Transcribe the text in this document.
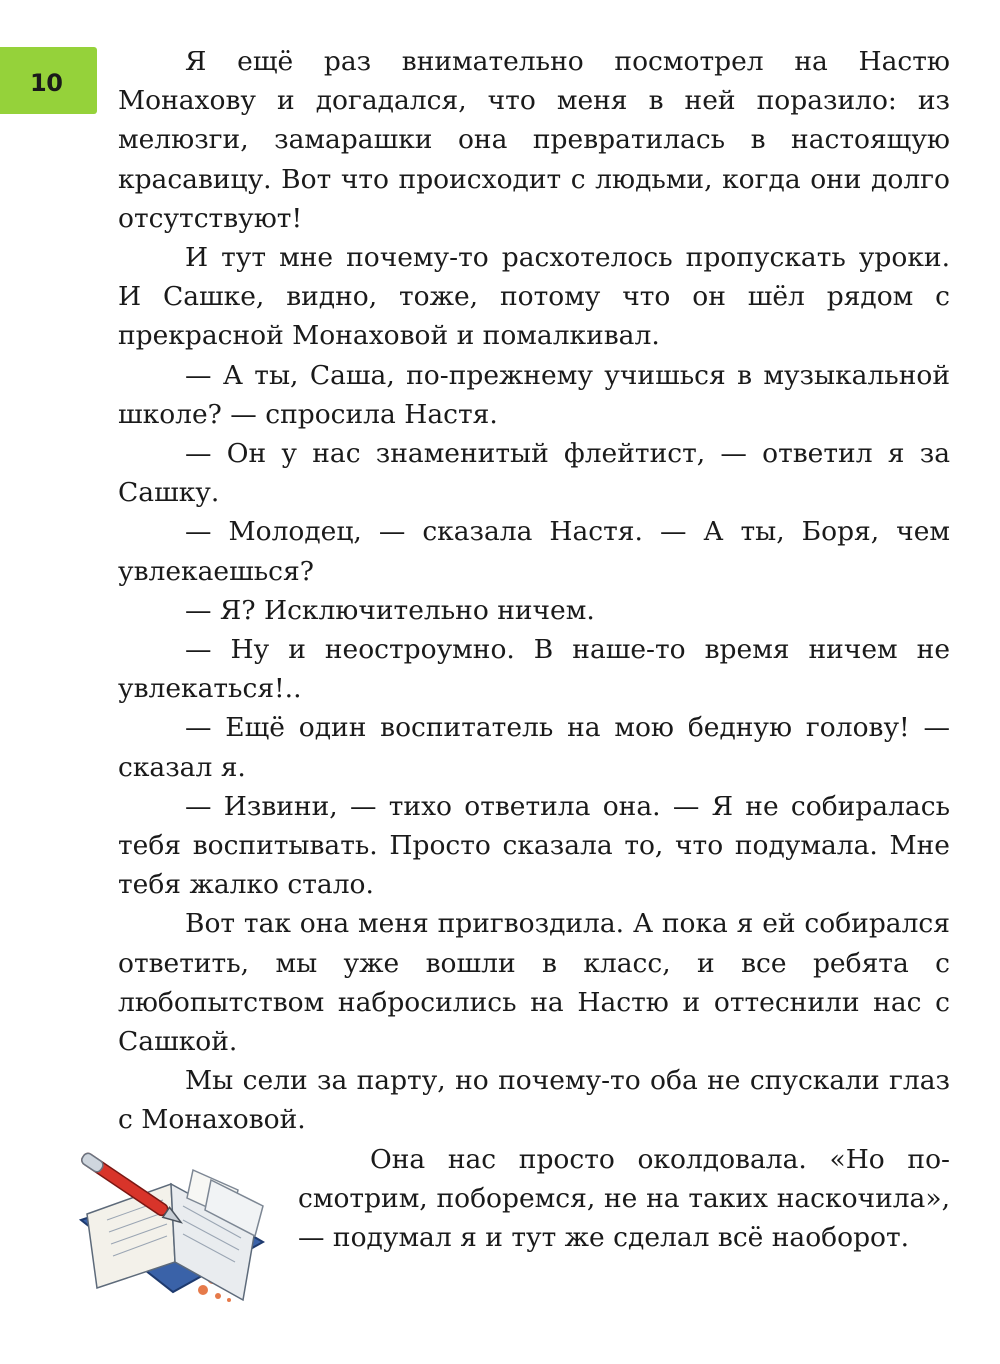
10

Я ещё раз внимательно посмотрел на Настю Монахову и догадался, что меня в ней поразило: из мелюзги, замарашки она превратилась в настоящую красавицу. Вот что происходит с людьми, когда они долго отсутствуют!

И тут мне почему-то расхотелось пропускать уроки. И Сашке, видно, тоже, потому что он шёл рядом с прекрасной Монаховой и помалкивал.

— А ты, Саша, по-прежнему учишься в музыкальной школе? — спросила Настя.

— Он у нас знаменитый флейтист, — ответил я за Сашку.

— Молодец, — сказала Настя. — А ты, Боря, чем увлекаешься?

— Я? Исключительно ничем.

— Ну и неостроумно. В наше-то время ничем не увлекаться!..

— Ещё один воспитатель на мою бедную голову! — сказал я.

— Извини, — тихо ответила она. — Я не собиралась тебя воспитывать. Просто сказала то, что подумала. Мне тебя жалко стало.

Вот так она меня пригвоздила. А пока я ей собирался ответить, мы уже вошли в класс, и все ребята с любопытством набросились на Настю и оттеснили нас с Сашкой.

Мы сели за парту, но почему-то оба не спускали глаз с Монаховой.

Она нас просто околдовала. «Но посмотрим, поборемся, не на таких наскочила», — подумал я и тут же сделал всё наоборот.
